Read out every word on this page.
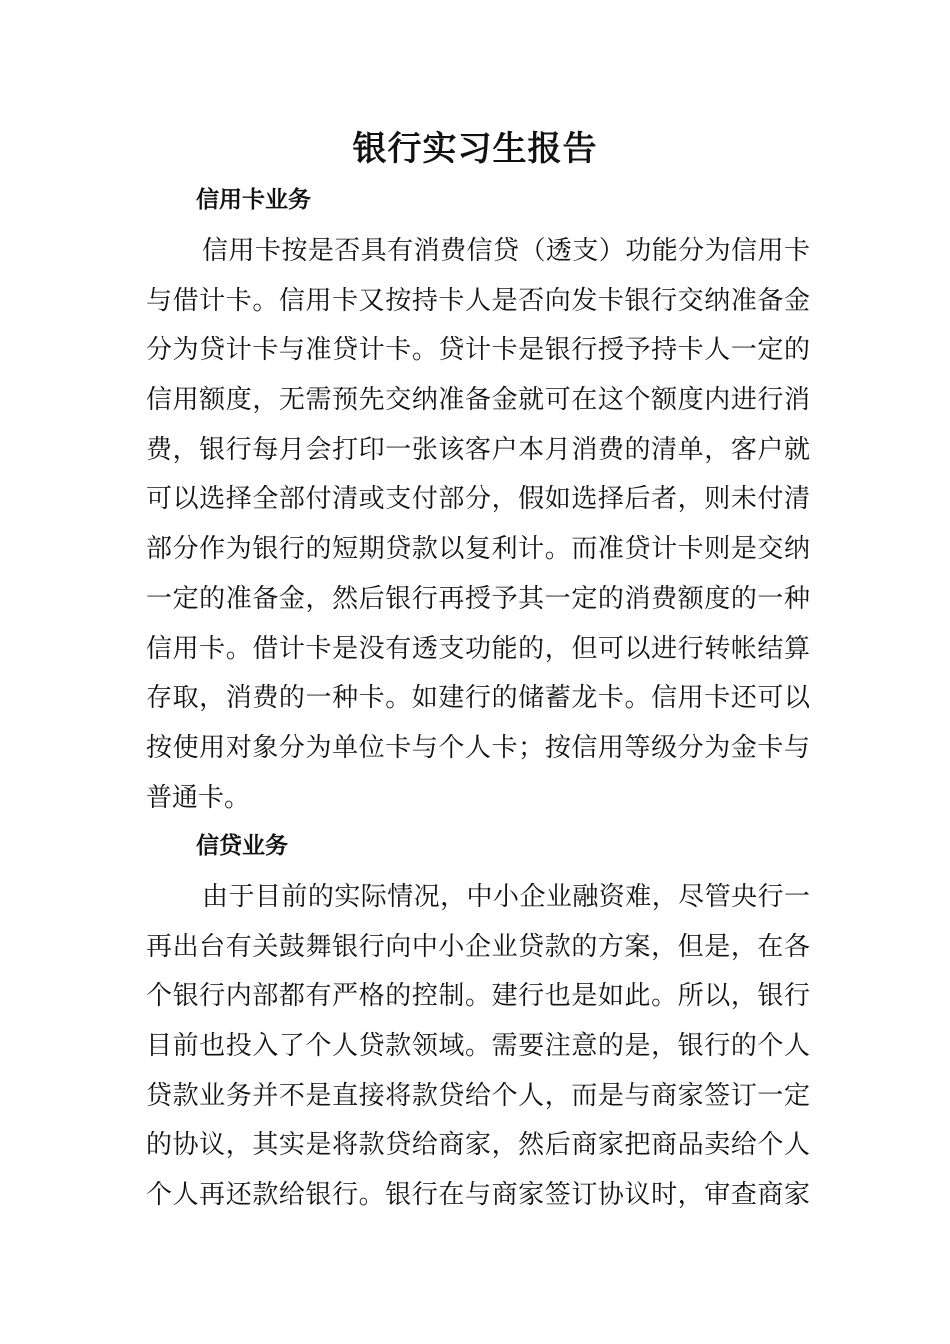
银行实习生报告
信用卡业务
信用卡按是否具有消费信贷（透支）功能分为信用卡
与借计卡。信用卡又按持卡人是否向发卡银行交纳准备金
分为贷计卡与准贷计卡。贷计卡是银行授予持卡人一定的
信用额度，无需预先交纳准备金就可在这个额度内进行消
费，银行每月会打印一张该客户本月消费的清单，客户就
可以选择全部付清或支付部分，假如选择后者，则未付清
部分作为银行的短期贷款以复利计。而准贷计卡则是交纳
一定的准备金，然后银行再授予其一定的消费额度的一种
信用卡。借计卡是没有透支功能的，但可以进行转帐结算
存取，消费的一种卡。如建行的储蓄龙卡。信用卡还可以
按使用对象分为单位卡与个人卡；按信用等级分为金卡与
普通卡。
信贷业务
由于目前的实际情况，中小企业融资难，尽管央行一
再出台有关鼓舞银行向中小企业贷款的方案，但是，在各
个银行内部都有严格的控制。建行也是如此。所以，银行
目前也投入了个人贷款领域。需要注意的是，银行的个人
贷款业务并不是直接将款贷给个人，而是与商家签订一定
的协议，其实是将款贷给商家，然后商家把商品卖给个人
个人再还款给银行。银行在与商家签订协议时，审查商家
